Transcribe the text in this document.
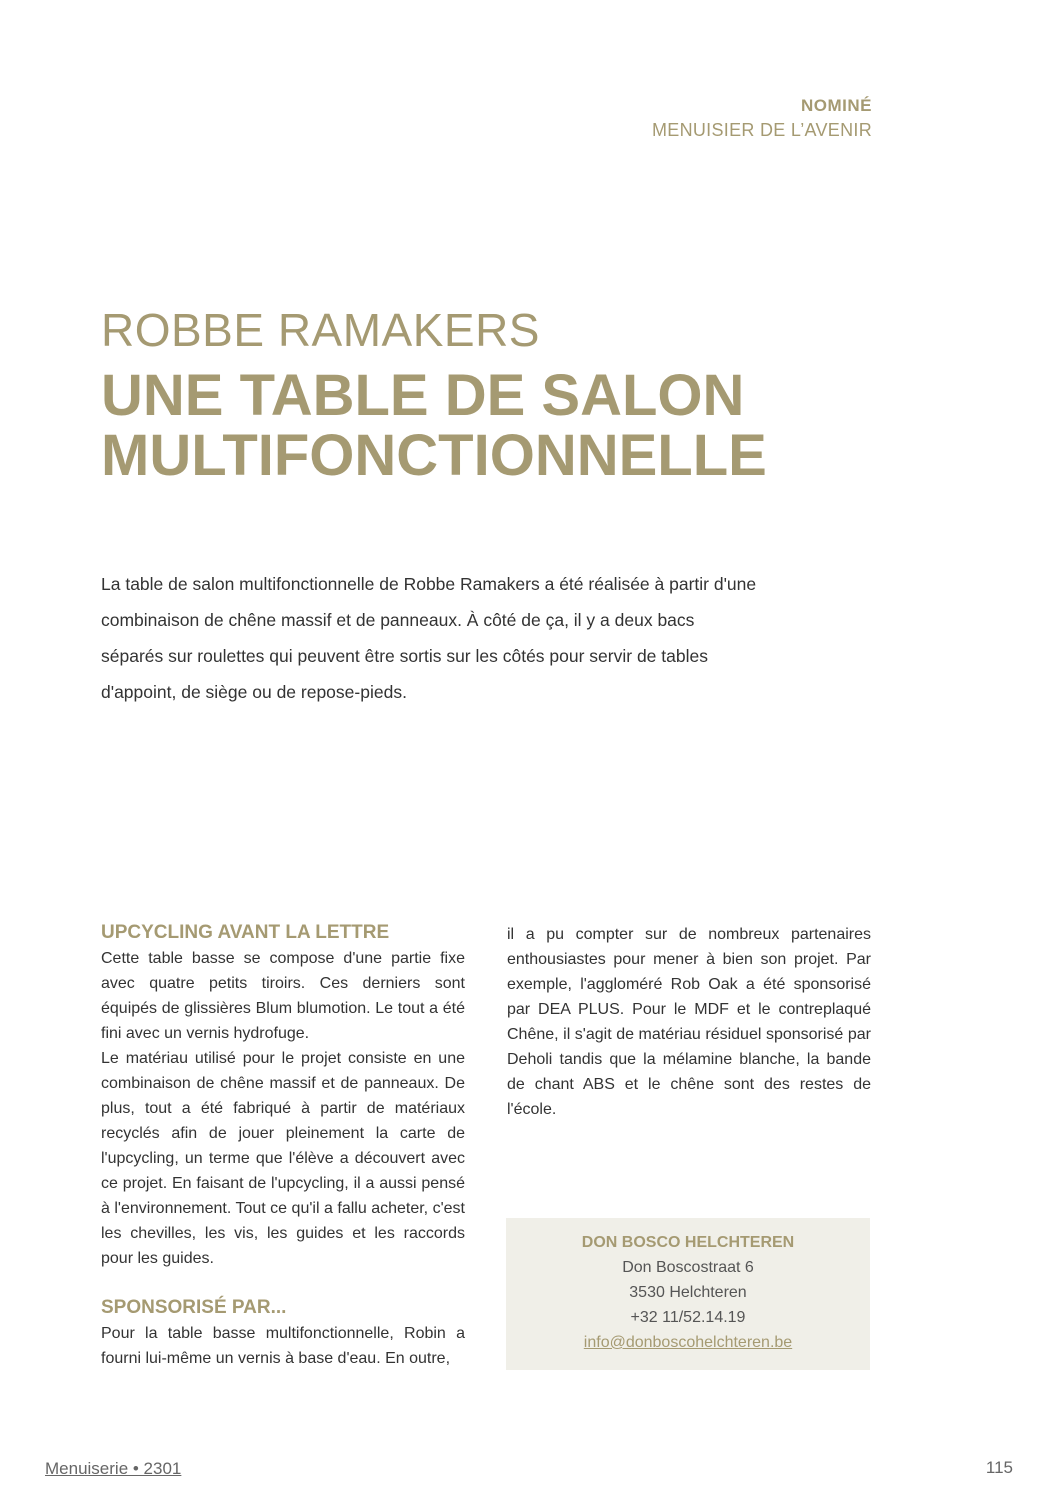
NOMINÉ
MENUISIER DE L’AVENIR
ROBBE RAMAKERS
UNE TABLE DE SALON MULTIFONCTIONNELLE

La table de salon multifonctionnelle de Robbe Ramakers a été réalisée à partir d'une combinaison de chêne massif et de panneaux. À côté de ça, il y a deux bacs séparés sur roulettes qui peuvent être sortis sur les côtés pour servir de tables d'appoint, de siège ou de repose-pieds.

UPCYCLING AVANT LA LETTRE

Cette table basse se compose d'une partie fixe avec quatre petits tiroirs. Ces derniers sont équipés de glissières Blum blumotion. Le tout a été fini avec un vernis hydrofuge.

Le matériau utilisé pour le projet consiste en une combinaison de chêne massif et de panneaux. De plus, tout a été fabriqué à partir de matériaux recyclés afin de jouer pleinement la carte de l'upcycling, un terme que l'élève a découvert avec ce projet. En faisant de l'upcycling, il a aussi pensé à l'environnement. Tout ce qu'il a fallu acheter, c'est les chevilles, les vis, les guides et les raccords pour les guides.

SPONSORISÉ PAR...

Pour la table basse multifonctionnelle, Robin a fourni lui-même un vernis à base d'eau. En outre,

il a pu compter sur de nombreux partenaires enthousiastes pour mener à bien son projet. Par exemple, l'aggloméré Rob Oak a été sponsorisé par DEA PLUS. Pour le MDF et le contreplaqué Chêne, il s'agit de matériau résiduel sponsorisé par Deholi tandis que la mélamine blanche, la bande de chant ABS et le chêne sont des restes de l'école.

DON BOSCO HELCHTEREN
Don Boscostraat 6
3530 Helchteren
+32 11/52.14.19
info@donboscohelchteren.be
Menuiserie • 2301	115
